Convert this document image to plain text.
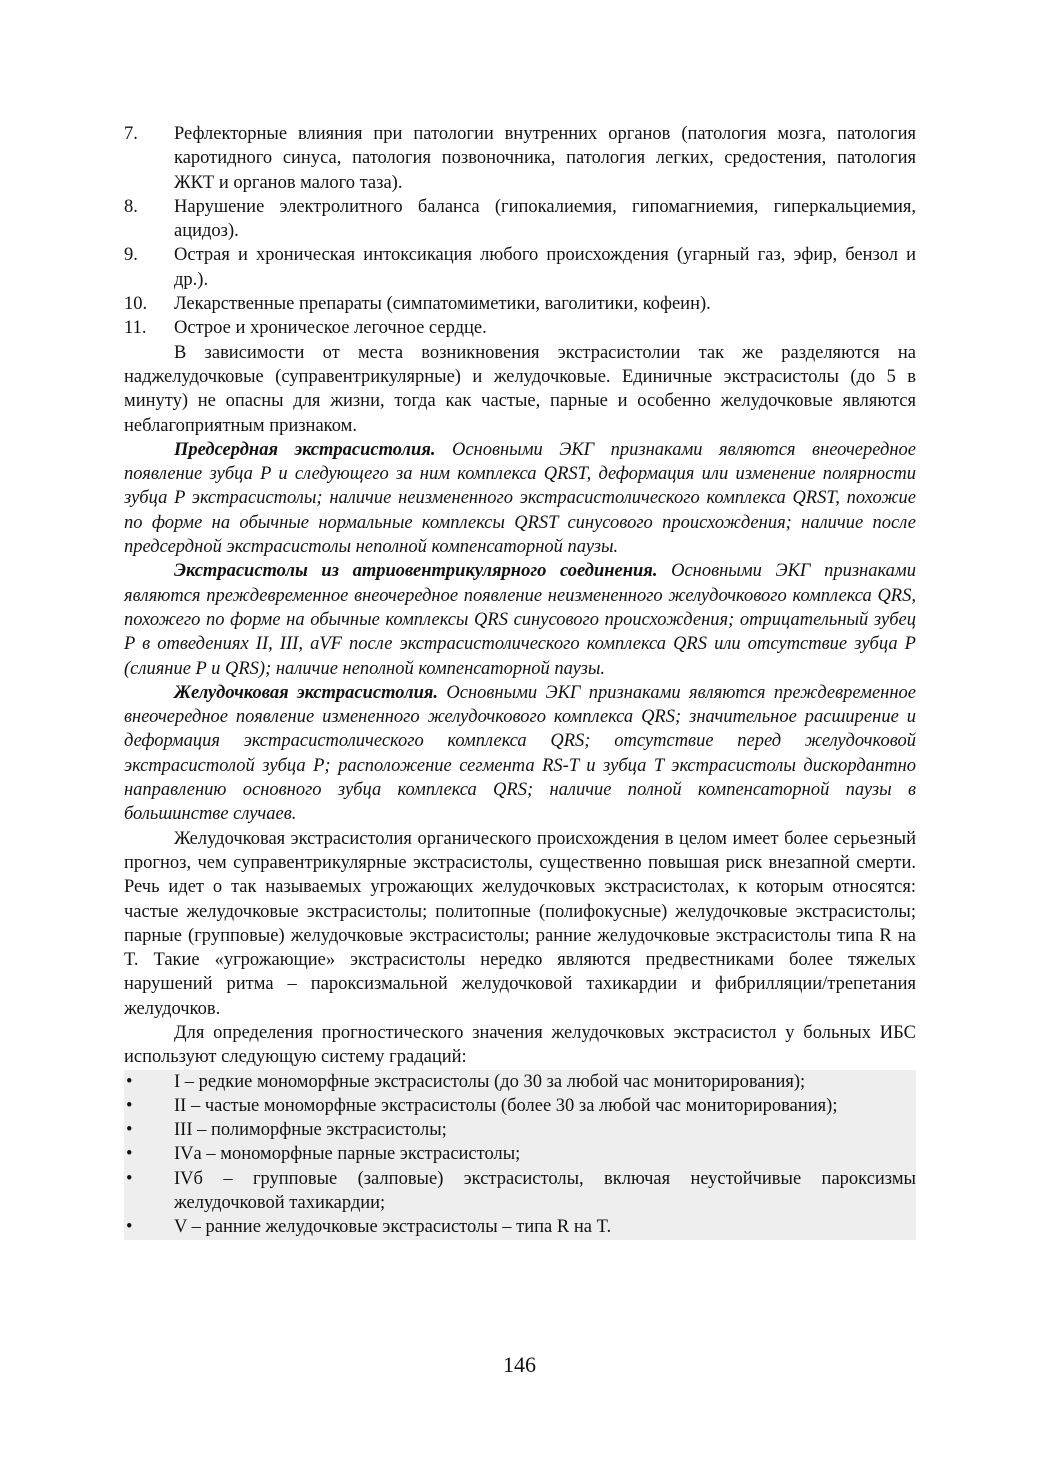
7.	Рефлекторные влияния при патологии внутренних органов (патология мозга, патология каротидного синуса, патология позвоночника, патология легких, средостения, патология ЖКТ и органов малого таза).
8.	Нарушение электролитного баланса (гипокалиемия, гипомагниемия, гиперкальциемия, ацидоз).
9.	Острая и хроническая интоксикация любого происхождения (угарный газ, эфир, бензол и др.).
10.	Лекарственные препараты (симпатомиметики, ваголитики, кофеин).
11.	Острое и хроническое легочное сердце.

В зависимости от места возникновения экстрасистолии так же разделяются на наджелудочковые (суправентрикулярные) и желудочковые. Единичные экстрасистолы (до 5 в минуту) не опасны для жизни, тогда как частые, парные и особенно желудочковые являются неблагоприятным признаком.

Предсердная экстрасистолия. Основными ЭКГ признаками являются внеочередное появление зубца P и следующего за ним комплекса QRST, деформация или изменение полярности зубца P экстрасистолы; наличие неизмененного экстрасистолического комплекса QRST, похожие по форме на обычные нормальные комплексы QRST синусового происхождения; наличие после предсердной экстрасистолы неполной компенсаторной паузы.

Экстрасистолы из атриовентрикулярного соединения. Основными ЭКГ признаками являются преждевременное внеочередное появление неизмененного желудочкового комплекса QRS, похожего по форме на обычные комплексы QRS синусового происхождения; отрицательный зубец P в отведениях II, III, aVF после экстрасистолического комплекса QRS или отсутствие зубца P (слияние P и QRS); наличие неполной компенсаторной паузы.

Желудочковая экстрасистолия. Основными ЭКГ признаками являются преждевременное внеочередное появление измененного желудочкового комплекса QRS; значительное расширение и деформация экстрасистолического комплекса QRS; отсутствие перед желудочковой экстрасистолой зубца P; расположение сегмента RS-T и зубца T экстрасистолы дискордантно направлению основного зубца комплекса QRS; наличие полной компенсаторной паузы в большинстве случаев.

Желудочковая экстрасистолия органического происхождения в целом имеет более серьезный прогноз, чем суправентрикулярные экстрасистолы, существенно повышая риск внезапной смерти. Речь идет о так называемых угрожающих желудочковых экстрасистолах, к которым относятся: частые желудочковые экстрасистолы; политопные (полифокусные) желудочковые экстрасистолы; парные (групповые) желудочковые экстрасистолы; ранние желудочковые экстрасистолы типа R на T. Такие «угрожающие» экстрасистолы нередко являются предвестниками более тяжелых нарушений ритма – пароксизмальной желудочковой тахикардии и фибрилляции/трепетания желудочков.

Для определения прогностического значения желудочковых экстрасистол у больных ИБС используют следующую систему градаций:

•	I – редкие мономорфные экстрасистолы (до 30 за любой час мониторирования);
•	II – частые мономорфные экстрасистолы (более 30 за любой час мониторирования);
•	III – полиморфные экстрасистолы;
•	IVа – мономорфные парные экстрасистолы;
•	IVб – групповые (залповые) экстрасистолы, включая неустойчивые пароксизмы желудочковой тахикардии;
•	V – ранние желудочковые экстрасистолы – типа R на T.
146
